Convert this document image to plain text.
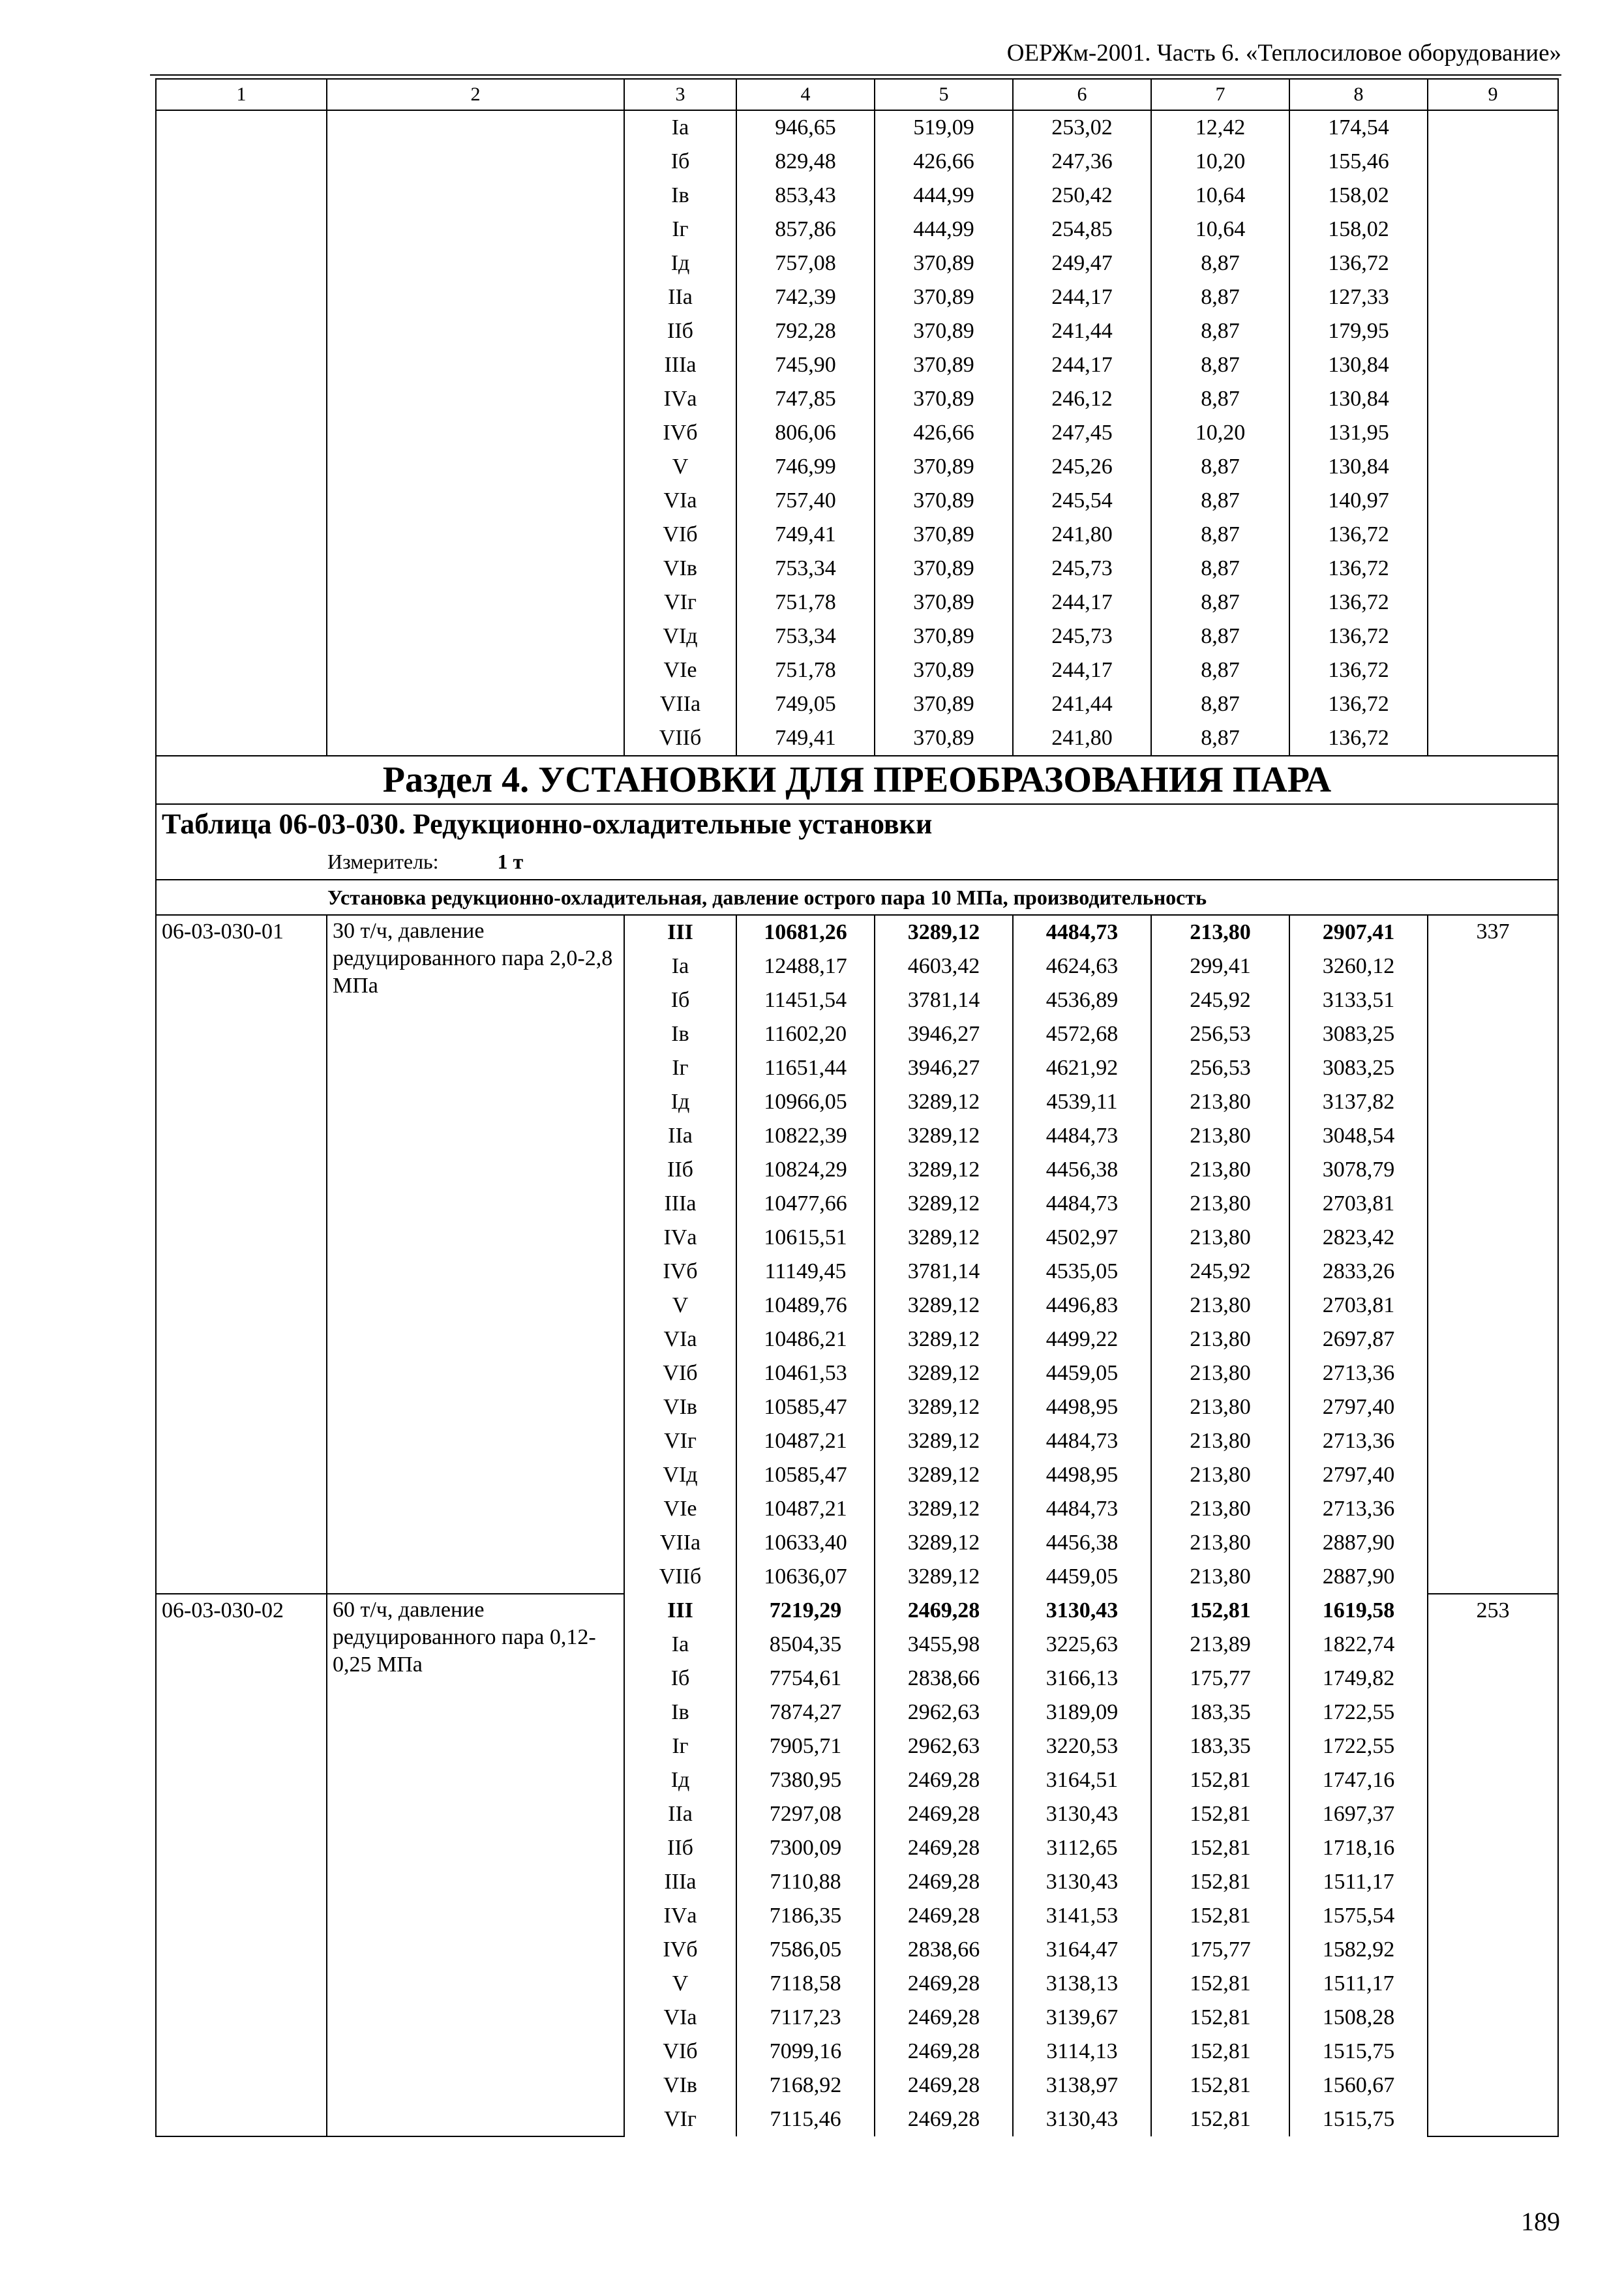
ОЕРЖм-2001. Часть 6. «Теплосиловое оборудование»
1	2	3	4	5	6	7	8	9
		Iа	946,65	519,09	253,02	12,42	174,54	
		Iб	829,48	426,66	247,36	10,20	155,46	
		Iв	853,43	444,99	250,42	10,64	158,02	
		Iг	857,86	444,99	254,85	10,64	158,02	
		Iд	757,08	370,89	249,47	8,87	136,72	
		IIа	742,39	370,89	244,17	8,87	127,33	
		IIб	792,28	370,89	241,44	8,87	179,95	
		IIIа	745,90	370,89	244,17	8,87	130,84	
		IVа	747,85	370,89	246,12	8,87	130,84	
		IVб	806,06	426,66	247,45	10,20	131,95	
		V	746,99	370,89	245,26	8,87	130,84	
		VIа	757,40	370,89	245,54	8,87	140,97	
		VIб	749,41	370,89	241,80	8,87	136,72	
		VIв	753,34	370,89	245,73	8,87	136,72	
		VIг	751,78	370,89	244,17	8,87	136,72	
		VIд	753,34	370,89	245,73	8,87	136,72	
		VIе	751,78	370,89	244,17	8,87	136,72	
		VIIа	749,05	370,89	241,44	8,87	136,72	
		VIIб	749,41	370,89	241,80	8,87	136,72	
Раздел 4. УСТАНОВКИ ДЛЯ ПРЕОБРАЗОВАНИЯ ПАРА								
Таблица 06-03-030. Редукционно-охладительные установки								
Измеритель: 1 т								
Установка редукционно-охладительная, давление острого пара 10 МПа, производительность								
06-03-030-01	30 т/ч, давление редуцированного пара 2,0-2,8 МПа	III	10681,26	3289,12	4484,73	213,80	2907,41	337
		Iа	12488,17	4603,42	4624,63	299,41	3260,12	
		Iб	11451,54	3781,14	4536,89	245,92	3133,51	
		Iв	11602,20	3946,27	4572,68	256,53	3083,25	
		Iг	11651,44	3946,27	4621,92	256,53	3083,25	
		Iд	10966,05	3289,12	4539,11	213,80	3137,82	
		IIа	10822,39	3289,12	4484,73	213,80	3048,54	
		IIб	10824,29	3289,12	4456,38	213,80	3078,79	
		IIIа	10477,66	3289,12	4484,73	213,80	2703,81	
		IVа	10615,51	3289,12	4502,97	213,80	2823,42	
		IVб	11149,45	3781,14	4535,05	245,92	2833,26	
		V	10489,76	3289,12	4496,83	213,80	2703,81	
		VIа	10486,21	3289,12	4499,22	213,80	2697,87	
		VIб	10461,53	3289,12	4459,05	213,80	2713,36	
		VIв	10585,47	3289,12	4498,95	213,80	2797,40	
		VIг	10487,21	3289,12	4484,73	213,80	2713,36	
		VIд	10585,47	3289,12	4498,95	213,80	2797,40	
		VIе	10487,21	3289,12	4484,73	213,80	2713,36	
		VIIа	10633,40	3289,12	4456,38	213,80	2887,90	
		VIIб	10636,07	3289,12	4459,05	213,80	2887,90	
06-03-030-02	60 т/ч, давление редуцированного пара 0,12-0,25 МПа	III	7219,29	2469,28	3130,43	152,81	1619,58	253
		Iа	8504,35	3455,98	3225,63	213,89	1822,74	
		Iб	7754,61	2838,66	3166,13	175,77	1749,82	
		Iв	7874,27	2962,63	3189,09	183,35	1722,55	
		Iг	7905,71	2962,63	3220,53	183,35	1722,55	
		Iд	7380,95	2469,28	3164,51	152,81	1747,16	
		IIа	7297,08	2469,28	3130,43	152,81	1697,37	
		IIб	7300,09	2469,28	3112,65	152,81	1718,16	
		IIIа	7110,88	2469,28	3130,43	152,81	1511,17	
		IVа	7186,35	2469,28	3141,53	152,81	1575,54	
		IVб	7586,05	2838,66	3164,47	175,77	1582,92	
		V	7118,58	2469,28	3138,13	152,81	1511,17	
		VIа	7117,23	2469,28	3139,67	152,81	1508,28	
		VIб	7099,16	2469,28	3114,13	152,81	1515,75	
		VIв	7168,92	2469,28	3138,97	152,81	1560,67	
		VIг	7115,46	2469,28	3130,43	152,81	1515,75	
189
